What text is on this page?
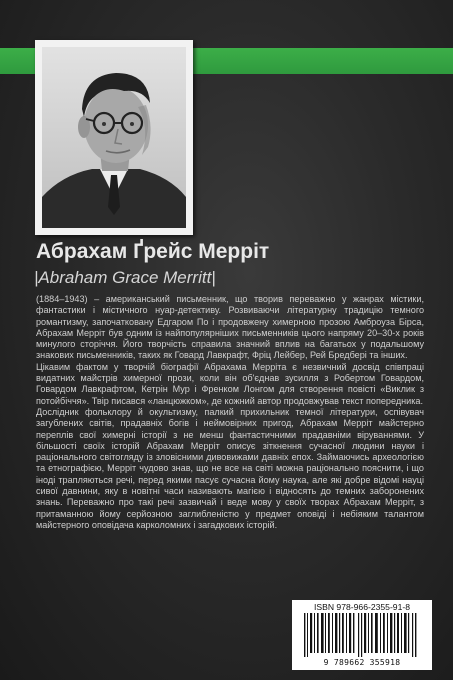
Абрахам Ґрейс Меррiт
|Abraham Grace Merritt|

(1884–1943) – американський письменник, що творив переважно у жанрах містики, фантастики і містичного нуар-детективу. Розвиваючи літературну традицію темного романтизму, започатковану Едгаром По і продовжену химерною прозою Амброуза Бірса, Абрахам Меррiт був одним із найпопулярніших письменників цього напряму 20–30-х років минулого сторіччя. Його творчість справила значний вплив на багатьох у подальшому знакових письменників, таких як Говард Лавкрафт, Фріц Лейбер, Рей Бредбері та інших.

Цікавим фактом у творчій біографії Абрахама Меррiта є незвичний досвід співпраці видатних майстрів химерної прози, коли він об'єднав зусилля з Робертом Говардом, Говардом Лавкрафтом, Кетрін Мур і Френком Лонгом для створення повісті «Виклик з потойбіччя». Твір писався «ланцюжком», де кожний автор продовжував текст попередника.

Дослідник фольклору й окультизму, палкий прихильник темної літератури, оспівувач загублених світів, прадавніх богів і неймовірних пригод, Абрахам Меррiт майстерно переплів свої химерні історії з не менш фантастичними прадавніми віруваннями. У більшості своїх історій Абрахам Меррiт описує зіткнення сучасної людини науки і раціонального світогляду із зловісними дивовижами давніх епох. Займаючись археологією та етнографією, Меррiт чудово знав, що не все на світі можна раціонально пояснити, і що іноді трапляються речі, перед якими пасує сучасна йому наука, але які добре відомі науці сивої давнини, яку в новітні часи називають магією і відносять до темних заборонених знань. Переважно про такі речі зазвичай і веде мову у своїх творах Абрахам Меррiт, з притаманною йому серйозною заглибленістю у предмет оповіді і небіяким талантом майстерного оповідача карколомних і загадкових історій.

ISBN 978-966-2355-91-8
9 789662 355918
